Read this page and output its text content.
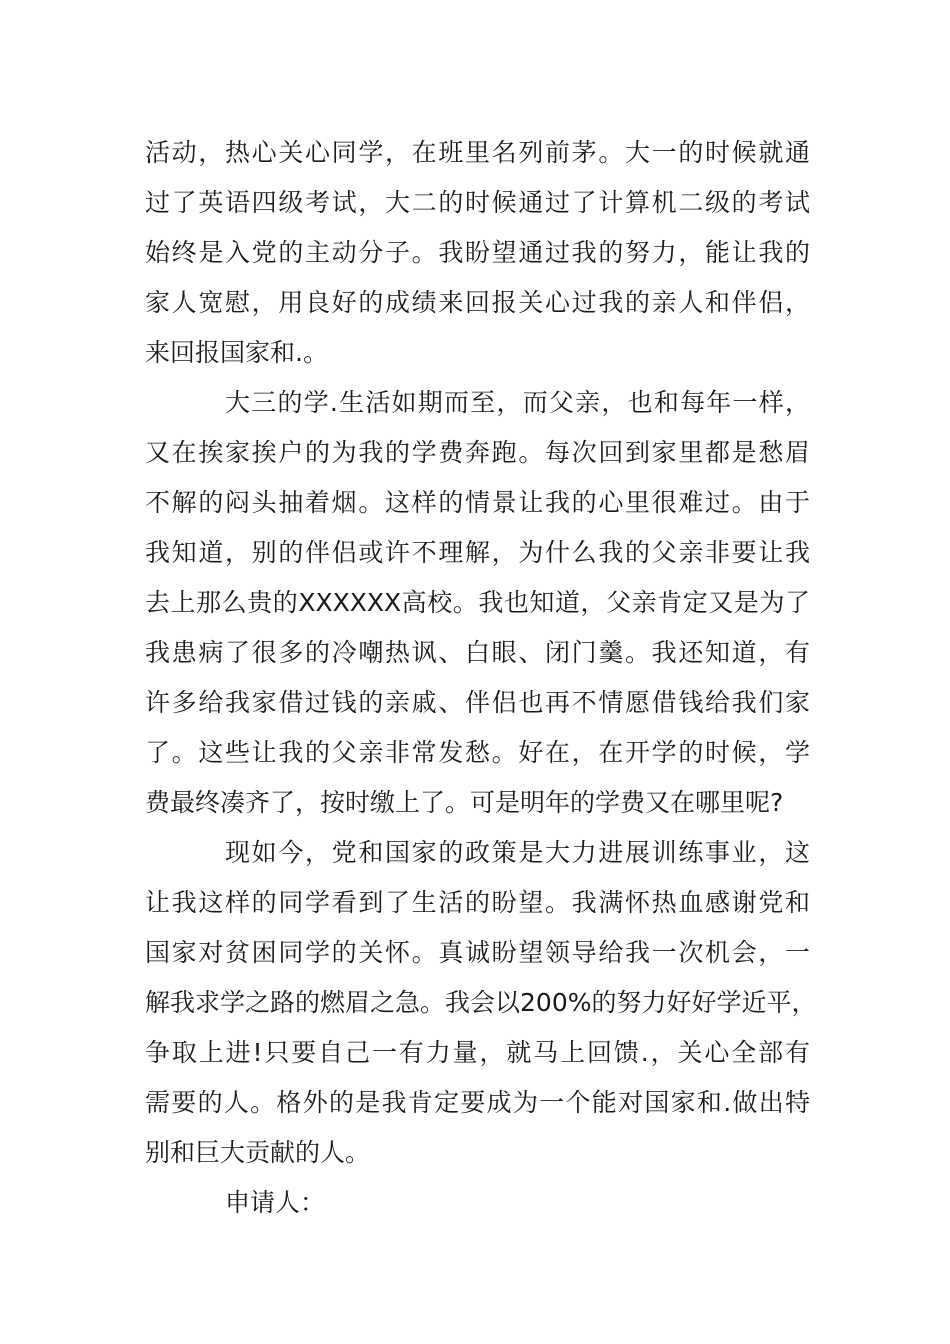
活动，热心关心同学，在班里名列前茅。大一的时候就通
过了英语四级考试，大二的时候通过了计算机二级的考试
始终是入党的主动分子。我盼望通过我的努力，能让我的
家人宽慰，用良好的成绩来回报关心过我的亲人和伴侣，
来回报国家和.。
大三的学.生活如期而至，而父亲，也和每年一样，
又在挨家挨户的为我的学费奔跑。每次回到家里都是愁眉
不解的闷头抽着烟。这样的情景让我的心里很难过。由于
我知道，别的伴侣或许不理解，为什么我的父亲非要让我
去上那么贵的XXXXXX高校。我也知道，父亲肯定又是为了
我患病了很多的冷嘲热讽、白眼、闭门羹。我还知道，有
许多给我家借过钱的亲戚、伴侣也再不情愿借钱给我们家
了。这些让我的父亲非常发愁。好在，在开学的时候，学
费最终凑齐了，按时缴上了。可是明年的学费又在哪里呢?
现如今，党和国家的政策是大力进展训练事业，这
让我这样的同学看到了生活的盼望。我满怀热血感谢党和
国家对贫困同学的关怀。真诚盼望领导给我一次机会，一
解我求学之路的燃眉之急。我会以200%的努力好好学近平，
争取上进!只要自己一有力量，就马上回馈.，关心全部有
需要的人。格外的是我肯定要成为一个能对国家和.做出特
别和巨大贡献的人。
申请人：
